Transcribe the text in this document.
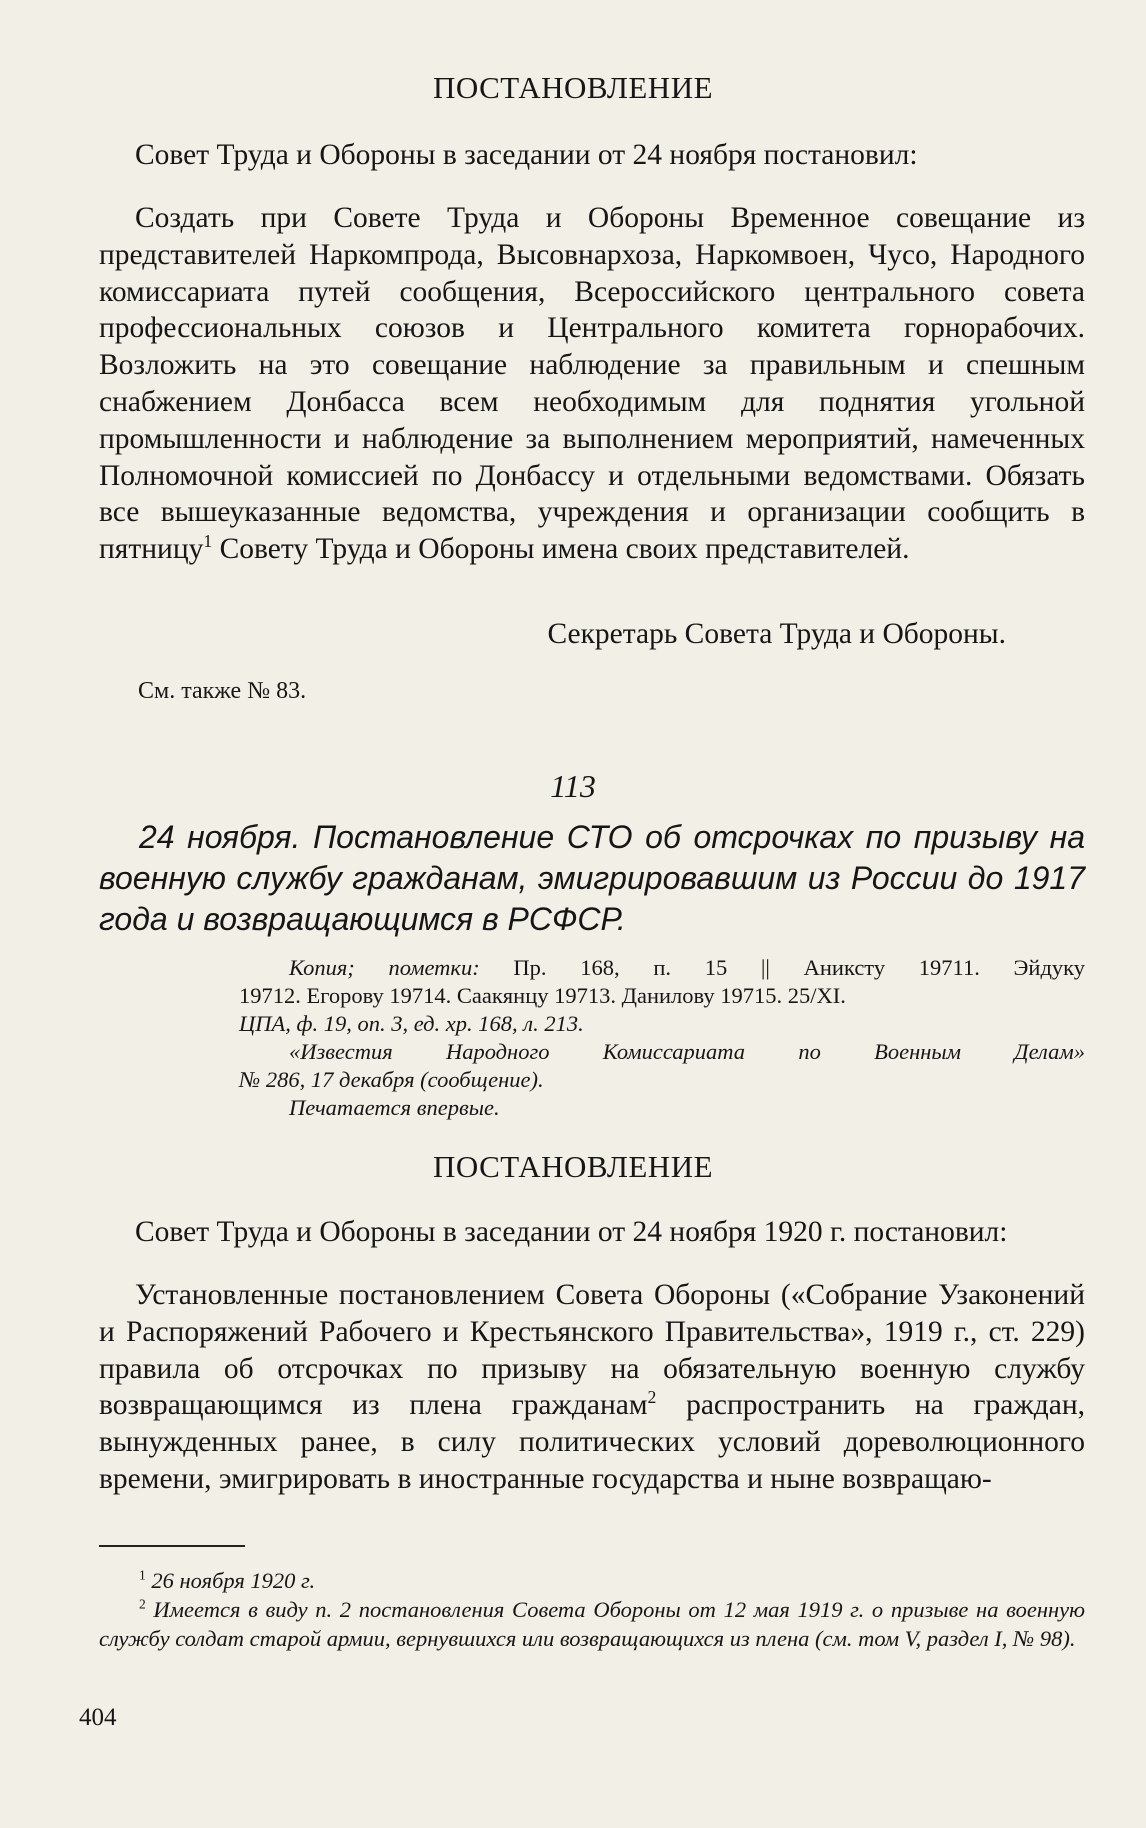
ПОСТАНОВЛЕНИЕ

Совет Труда и Обороны в заседании от 24 ноября постановил:

Создать при Совете Труда и Обороны Временное совещание из представителей Наркомпрода, Высовнархоза, Наркомвоен, Чусо, Народного комиссариата путей сообщения, Всероссийского центрального совета профессиональных союзов и Центрального комитета горнорабочих. Возложить на это совещание наблюдение за правильным и спешным снабжением Донбасса всем необходимым для поднятия угольной промышленности и наблюдение за выполнением мероприятий, намеченных Полномочной комиссией по Донбассу и отдельными ведомствами. Обязать все вышеуказанные ведомства, учреждения и организации сообщить в пятницу$^1$ Совету Труда и Обороны имена своих представителей.

Секретарь Совета Труда и Обороны.
См. также № 83.
113

24 ноября. Постановление СТО об отсрочках по призыву на военную службу гражданам, эмигрировавшим из России до 1917 года и возвращающимся в РСФСР.

Копия; пометки: Пр. 168, п. 15 || Аниксту 19711. Эйдуку
19712. Егорову 19714. Саакянцу 19713. Данилову 19715. 25/XI.
ЦПА, ф. 19, оп. 3, ед. хр. 168, л. 213.
«Известия Народного Комиссариата по Военным Делам»
№ 286, 17 декабря (сообщение).
Печатается впервые.
ПОСТАНОВЛЕНИЕ

Совет Труда и Обороны в заседании от 24 ноября 1920 г. постановил:

Установленные постановлением Совета Обороны («Собрание Узаконений и Распоряжений Рабочего и Крестьянского Правительства», 1919 г., ст. 229) правила об отсрочках по призыву на обязательную военную службу возвращающимся из плена гражданам$^2$ распространить на граждан, вынужденных ранее, в силу политических условий дореволюционного времени, эмигрировать в иностранные государства и ныне возвращаю-

$^1$ 26 ноября 1920 г.

$^2$ Имеется в виду п. 2 постановления Совета Обороны от 12 мая 1919 г. о призыве на военную службу солдат старой армии, вернувшихся или возвращающихся из плена (см. том V, раздел I, № 98).

404
